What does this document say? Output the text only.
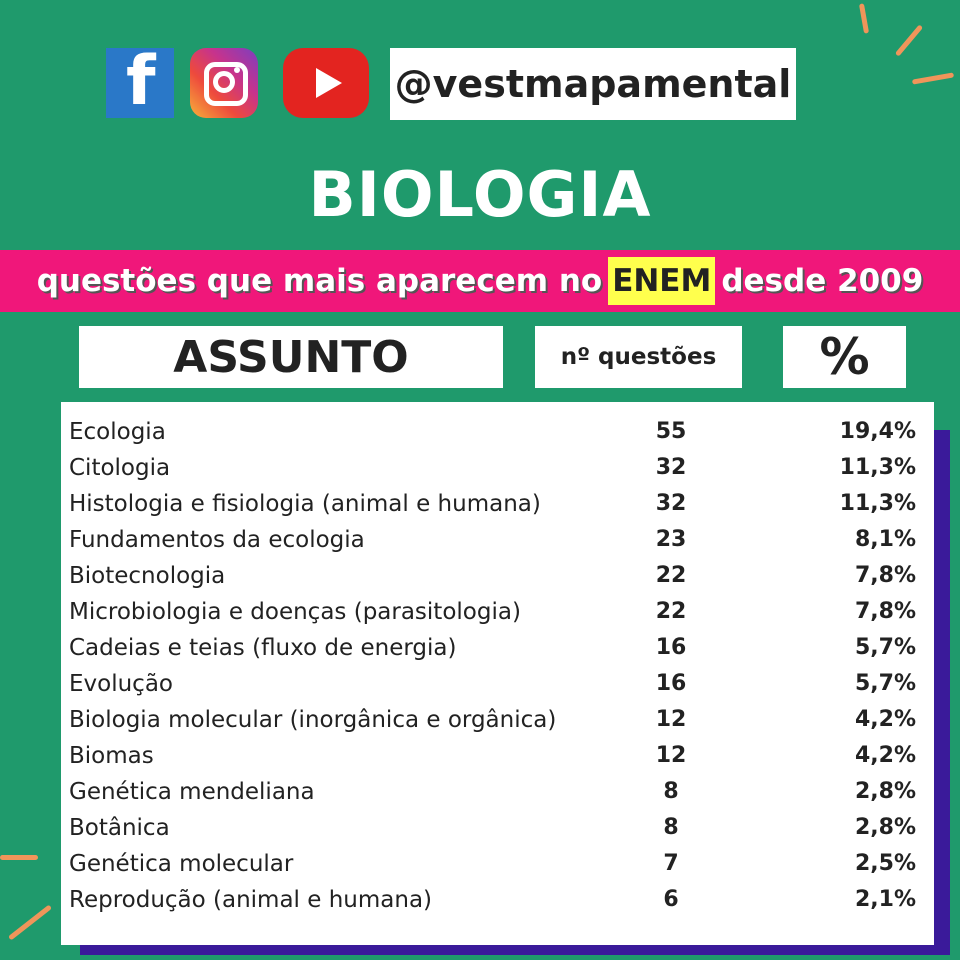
f	@vestmapamental
BIOLOGIA
questões que mais aparecem no ENEM desde 2009
ASSUNTO	nº questões	%
Ecologia	55	19,4%
Citologia	32	11,3%
Histologia e fisiologia (animal e humana)	32	11,3%
Fundamentos da ecologia	23	8,1%
Biotecnologia	22	7,8%
Microbiologia e doenças (parasitologia)	22	7,8%
Cadeias e teias (fluxo de energia)	16	5,7%
Evolução	16	5,7%
Biologia molecular (inorgânica e orgânica)	12	4,2%
Biomas	12	4,2%
Genética mendeliana	8	2,8%
Botânica	8	2,8%
Genética molecular	7	2,5%
Reprodução (animal e humana)	6	2,1%
